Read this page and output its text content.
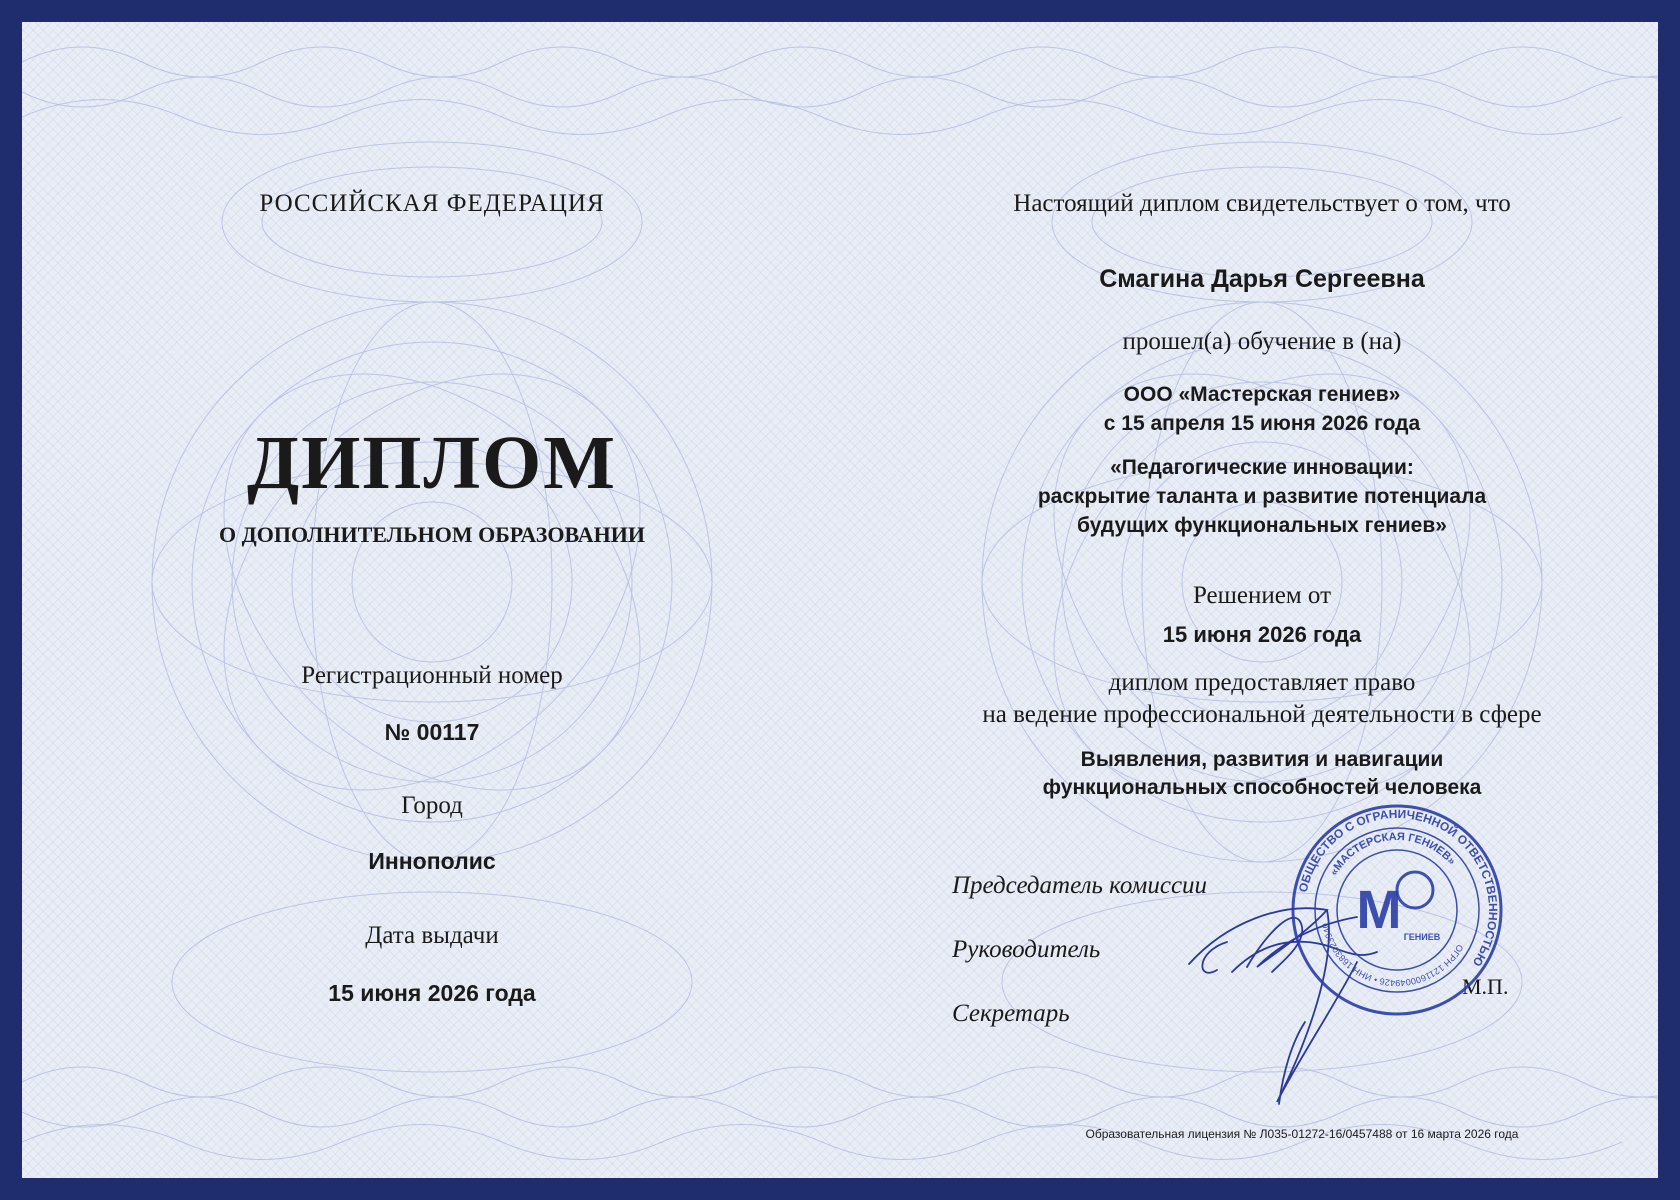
РОССИЙСКАЯ ФЕДЕРАЦИЯ
ДИПЛОМ
О ДОПОЛНИТЕЛЬНОМ ОБРАЗОВАНИИ
Регистрационный номер
№ 00117
Город
Иннополис
Дата выдачи
15 июня 2026 года
Настоящий диплом свидетельствует о том, что
Смагина Дарья Сергеевна
прошел(а) обучение в (на)
ООО «Мастерская гениев»
с 15 апреля 15 июня 2026 года
«Педагогические инновации:
раскрытие таланта и развитие потенциала
будущих функциональных гениев»
Решением от
15 июня 2026 года
диплом предоставляет право
на ведение профессиональной деятельности в сфере
Выявления, развития и навигации
функциональных способностей человека
Председатель комиссии
Руководитель
Секретарь
М.П.
ОБЩЕСТВО С ОГРАНИЧЕННОЙ ОТВЕТСТВЕННОСТЬЮ
«МАСТЕРСКАЯ ГЕНИЕВ»
ОГРН 1211600049426 • ИНН 1683023940 М ГЕНИЕВ
Образовательная лицензия № Л035-01272-16/0457488 от 16 марта 2026 года
